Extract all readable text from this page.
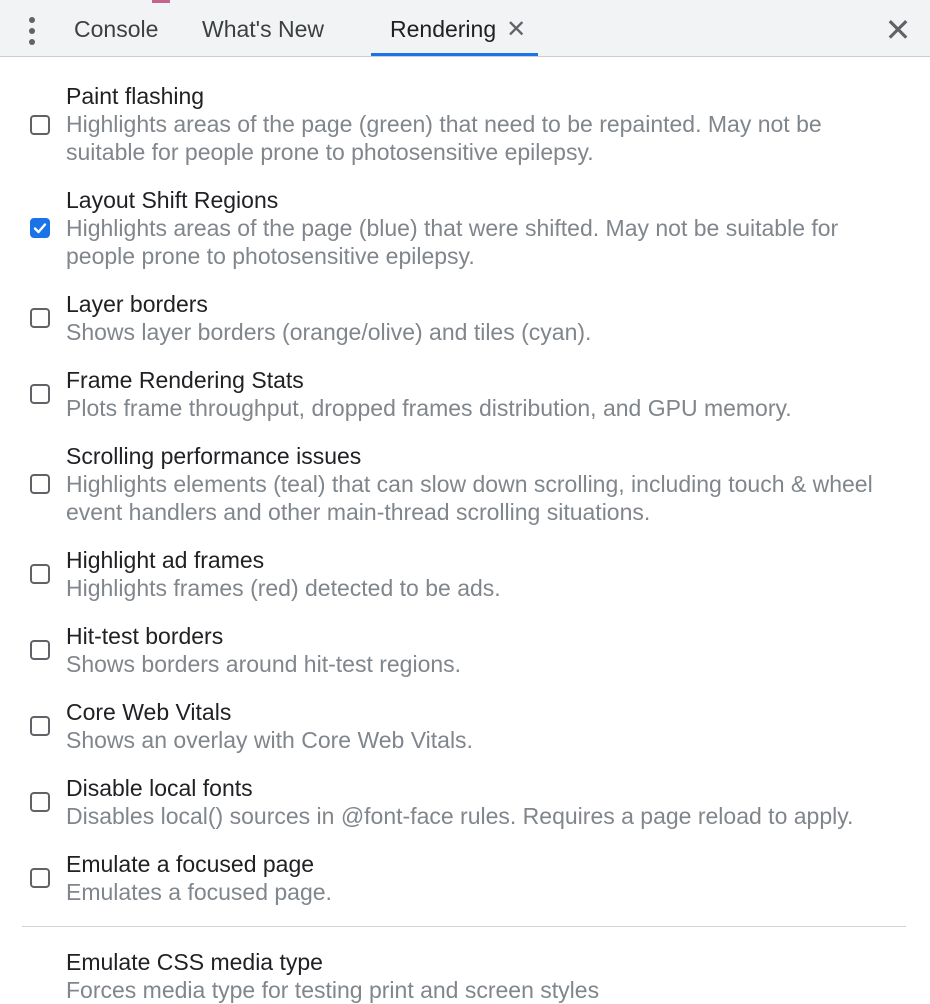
Console What's New	Rendering ✕	✕
Paint flashing
Highlights areas of the page (green) that need to be repainted. May not be suitable for people prone to photosensitive epilepsy.
Layout Shift Regions
Highlights areas of the page (blue) that were shifted. May not be suitable for people prone to photosensitive epilepsy.
Layer borders
Shows layer borders (orange/olive) and tiles (cyan).
Frame Rendering Stats
Plots frame throughput, dropped frames distribution, and GPU memory.
Scrolling performance issues
Highlights elements (teal) that can slow down scrolling, including touch & wheel event handlers and other main-thread scrolling situations.
Highlight ad frames
Highlights frames (red) detected to be ads.
Hit-test borders
Shows borders around hit-test regions.
Core Web Vitals
Shows an overlay with Core Web Vitals.
Disable local fonts
Disables local() sources in @font-face rules. Requires a page reload to apply.
Emulate a focused page
Emulates a focused page.
Emulate CSS media type
Forces media type for testing print and screen styles
